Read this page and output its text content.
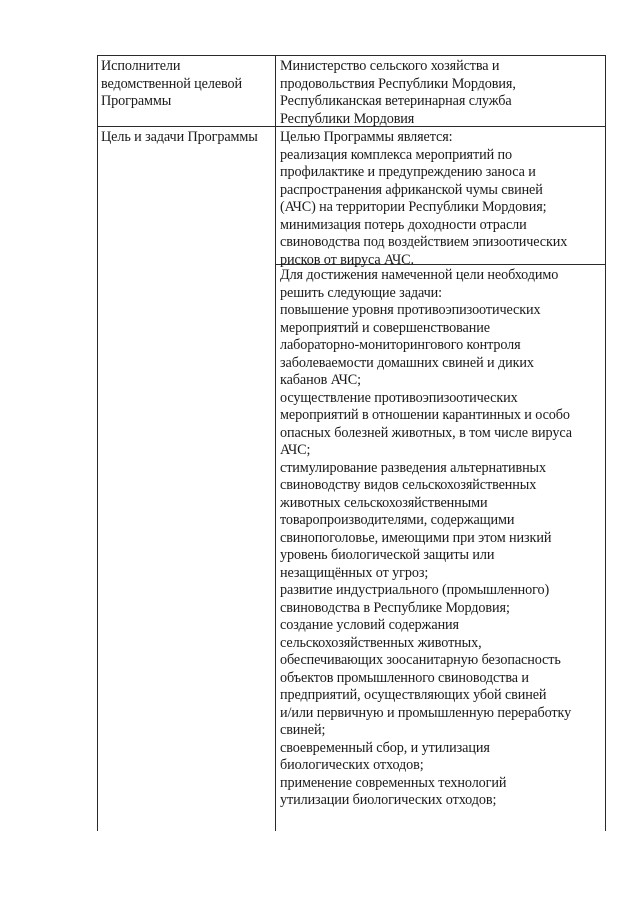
Исполнители
ведомственной целевой
Программы
Министерство сельского хозяйства и
продовольствия Республики Мордовия,
Республиканская ветеринарная служба
Республики Мордовия
Цель и задачи Программы	Целью Программы является:
реализация комплекса мероприятий по
профилактике и предупреждению заноса и
распространения африканской чумы свиней
(АЧС) на территории Республики Мордовия;
минимизация потерь доходности отрасли
свиноводства под воздействием эпизоотических
рисков от вируса АЧС.
Для достижения намеченной цели необходимо
решить следующие задачи:
повышение уровня противоэпизоотических
мероприятий и совершенствование
лабораторно-мониторингового контроля
заболеваемости домашних свиней и диких
кабанов АЧС;
осуществление противоэпизоотических
мероприятий в отношении карантинных и особо
опасных болезней животных, в том числе вируса
АЧС;
стимулирование разведения альтернативных
свиноводству видов сельскохозяйственных
животных сельскохозяйственными
товаропроизводителями, содержащими
свинопоголовье, имеющими при этом низкий
уровень биологической защиты или
незащищённых от угроз;
развитие индустриального (промышленного)
свиноводства в Республике Мордовия;
создание условий содержания
сельскохозяйственных животных,
обеспечивающих зоосанитарную безопасность
объектов промышленного свиноводства и
предприятий, осуществляющих убой свиней
и/или первичную и промышленную переработку
свиней;
своевременный сбор, и утилизация
биологических отходов;
применение современных технологий
утилизации биологических отходов;
